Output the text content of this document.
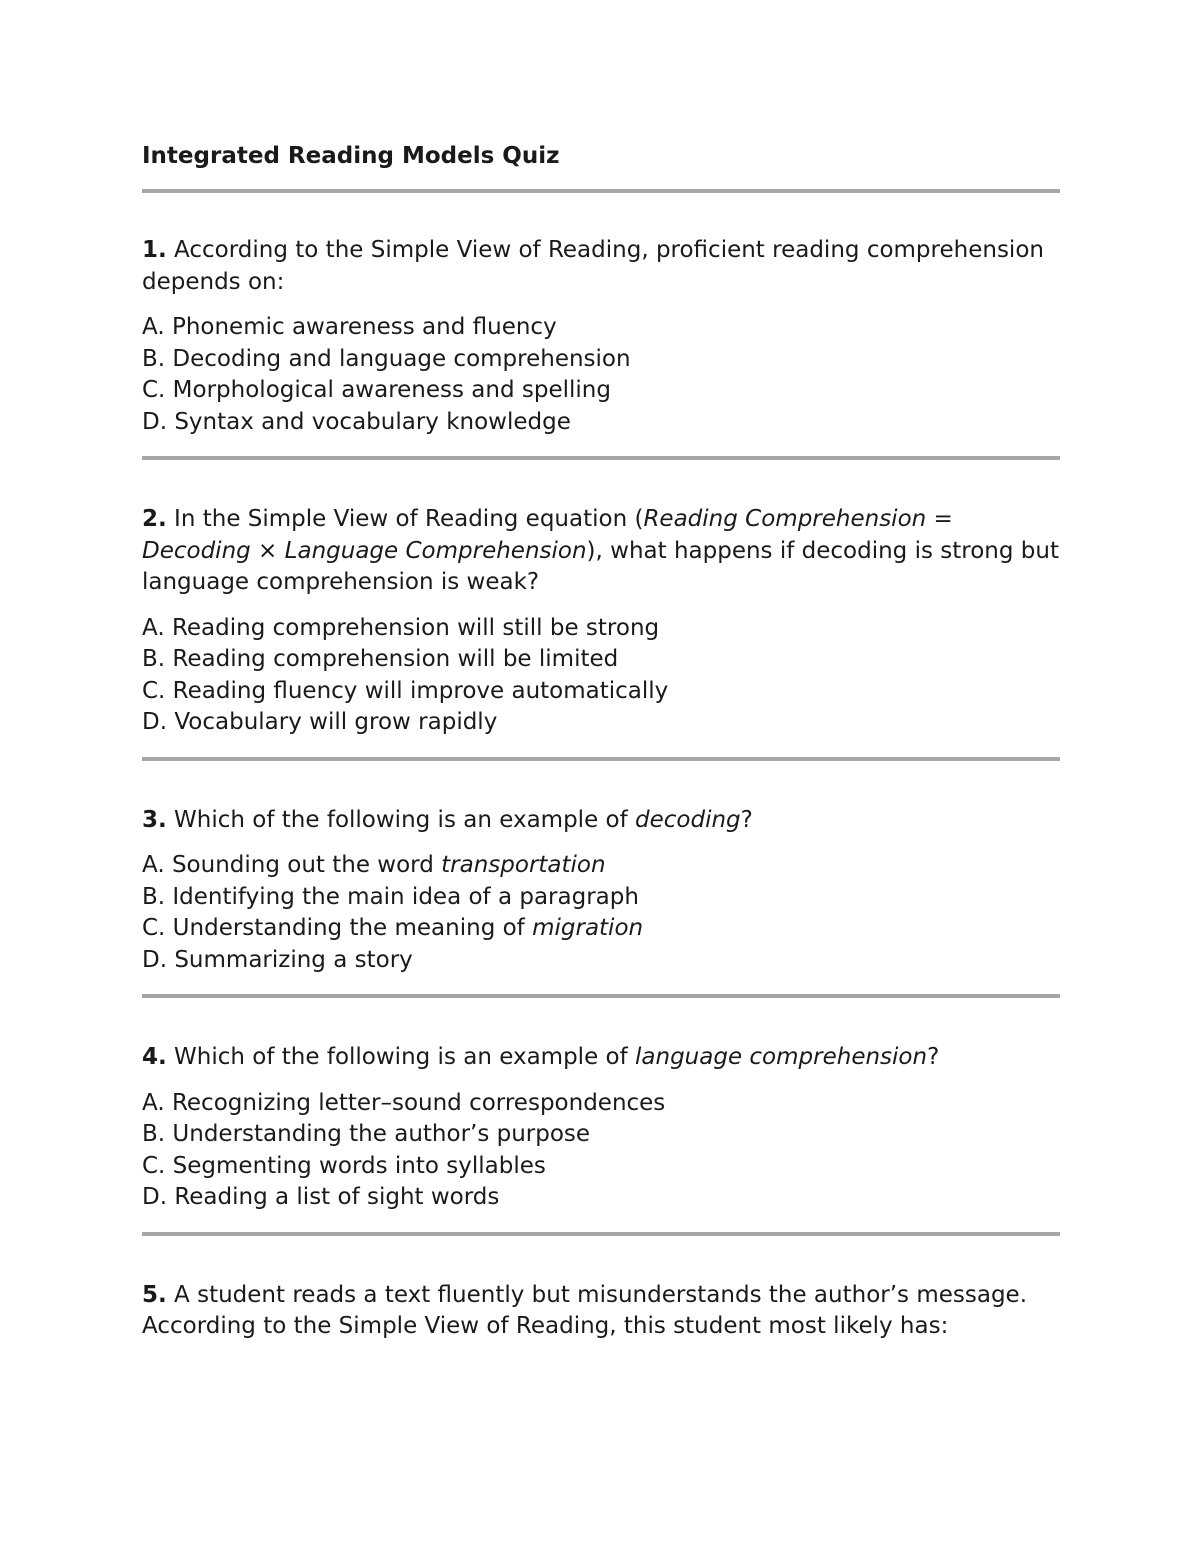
Integrated Reading Models Quiz

1. According to the Simple View of Reading, proficient reading comprehension depends on:

A. Phonemic awareness and fluency
B. Decoding and language comprehension
C. Morphological awareness and spelling
D. Syntax and vocabulary knowledge

2. In the Simple View of Reading equation (Reading Comprehension = Decoding × Language Comprehension), what happens if decoding is strong but language comprehension is weak?

A. Reading comprehension will still be strong
B. Reading comprehension will be limited
C. Reading fluency will improve automatically
D. Vocabulary will grow rapidly

3. Which of the following is an example of decoding?

A. Sounding out the word transportation
B. Identifying the main idea of a paragraph
C. Understanding the meaning of migration
D. Summarizing a story

4. Which of the following is an example of language comprehension?

A. Recognizing letter–sound correspondences
B. Understanding the author’s purpose
C. Segmenting words into syllables
D. Reading a list of sight words

5. A student reads a text fluently but misunderstands the author’s message. According to the Simple View of Reading, this student most likely has:
